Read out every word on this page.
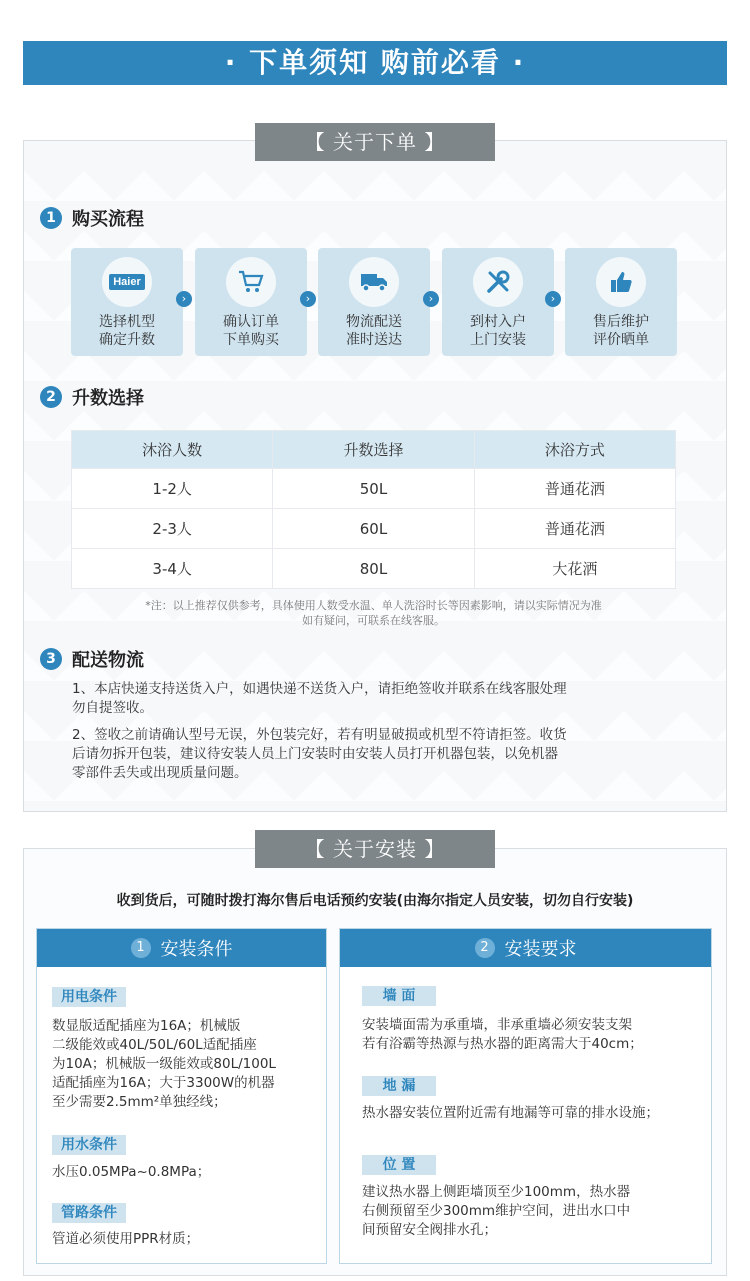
· 下单须知 购前必看 ·
【 关于下单 】
1 购买流程
Haier
选择机型
确定升数
›
确认订单
下单购买
›
物流配送
准时送达
›
到村入户
上门安装
›
售后维护
评价晒单
2 升数选择
沐浴人数	升数选择	沐浴方式
1-2人	50L	普通花洒
2-3人	60L	普通花洒
3-4人	80L	大花洒
*注：以上推荐仅供参考，具体使用人数受水温、单人洗浴时长等因素影响，请以实际情况为准
如有疑问，可联系在线客服。
3 配送物流
1、本店快递支持送货入户，如遇快递不送货入户，请拒绝签收并联系在线客服处理
勿自提签收。
2、签收之前请确认型号无误，外包装完好，若有明显破损或机型不符请拒签。收货
后请勿拆开包装，建议待安装人员上门安装时由安装人员打开机器包装，以免机器
零部件丢失或出现质量问题。
【 关于安装 】
收到货后，可随时拨打海尔售后电话预约安装(由海尔指定人员安装，切勿自行安装)
1 安装条件
用电条件
数显版适配插座为16A；机械版
二级能效或40L/50L/60L适配插座
为10A；机械版一级能效或80L/100L
适配插座为16A；大于3300W的机器
至少需要2.5mm²单独经线；
用水条件
水压0.05MPa~0.8MPa；
管路条件
管道必须使用PPR材质；
2 安装要求
墙 面
安装墙面需为承重墙，非承重墙必须安装支架
若有浴霸等热源与热水器的距离需大于40cm；
地 漏
热水器安装位置附近需有地漏等可靠的排水设施；
位 置
建议热水器上侧距墙顶至少100mm，热水器
右侧预留至少300mm维护空间，进出水口中
间预留安全阀排水孔；
